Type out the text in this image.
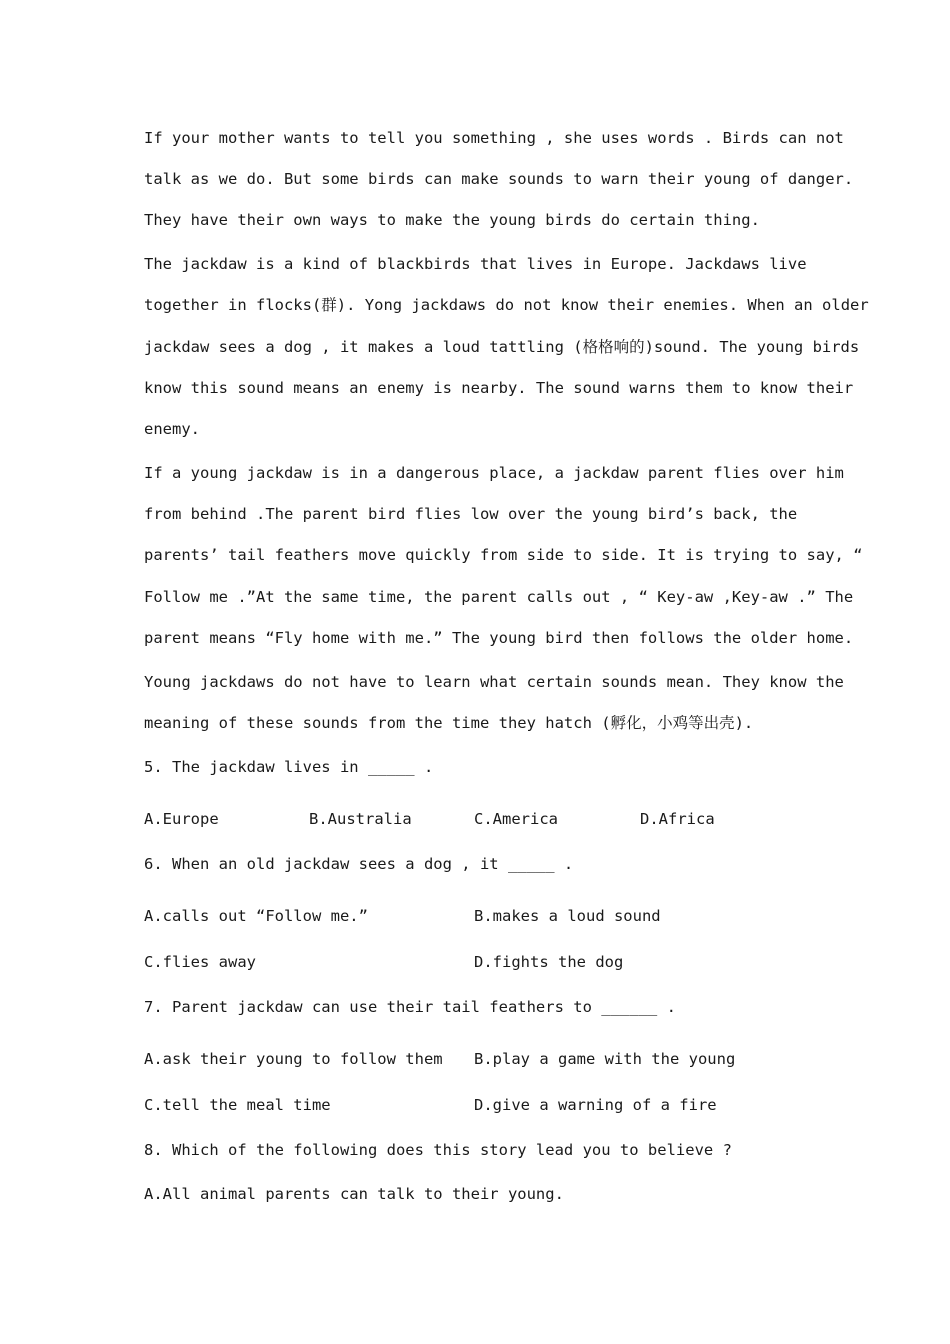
If your mother wants to tell you something , she uses words . Birds can not
talk as we do. But some birds can make sounds to warn their young of danger.
They have their own ways to make the young birds do certain thing.
The jackdaw is a kind of blackbirds that lives in Europe. Jackdaws live
together in flocks(群). Yong jackdaws do not know their enemies. When an older
jackdaw sees a dog , it makes a loud tattling (格格响的)sound. The young birds
know this sound means an enemy is nearby. The sound warns them to know their
enemy.
If a young jackdaw is in a dangerous place, a jackdaw parent flies over him
from behind .The parent bird flies low over the young bird’s back, the
parents’ tail feathers move quickly from side to side. It is trying to say, “
Follow me .”At the same time, the parent calls out , “ Key-aw ,Key-aw .” The
parent means “Fly home with me.” The young bird then follows the older home.
Young jackdaws do not have to learn what certain sounds mean. They know the
meaning of these sounds from the time they hatch (孵化，小鸡等出壳).
5. The jackdaw lives in _____ .
A.Europe	B.Australia	C.America	D.Africa
6. When an old jackdaw sees a dog , it _____ .
A.calls out “Follow me.”	B.makes a loud sound
C.flies away	D.fights the dog
7. Parent jackdaw can use their tail feathers to ______ .
A.ask their young to follow them B.play a game with the young
C.tell the meal time	D.give a warning of a fire
8. Which of the following does this story lead you to believe ?
A.All animal parents can talk to their young.
